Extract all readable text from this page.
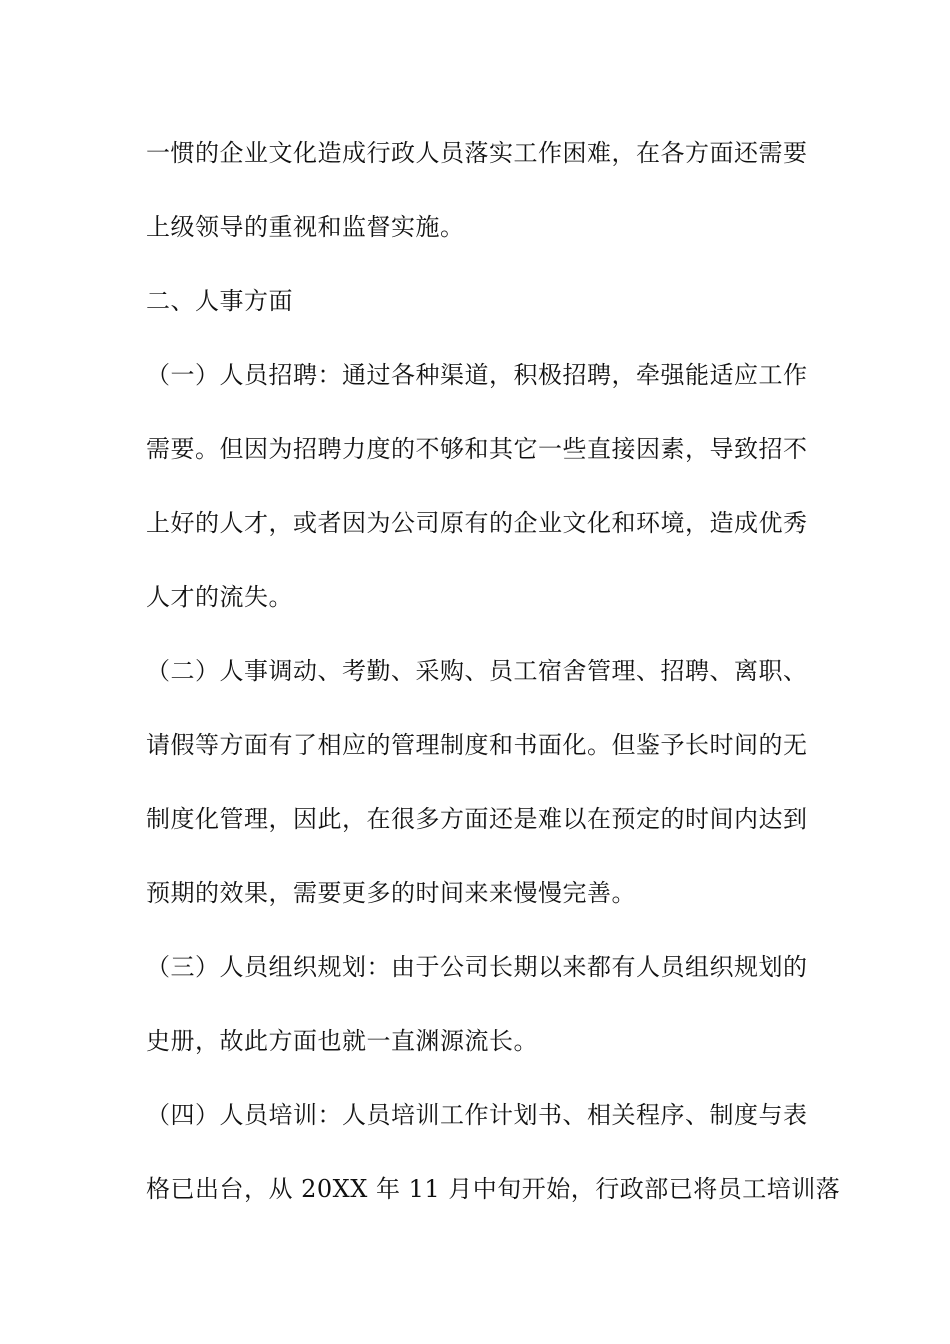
一惯的企业文化造成行政人员落实工作困难，在各方面还需要
上级领导的重视和监督实施。
二、人事方面
（一）人员招聘：通过各种渠道，积极招聘，牵强能适应工作
需要。但因为招聘力度的不够和其它一些直接因素，导致招不
上好的人才，或者因为公司原有的企业文化和环境，造成优秀
人才的流失。
（二）人事调动、考勤、采购、员工宿舍管理、招聘、离职、
请假等方面有了相应的管理制度和书面化。但鉴予长时间的无
制度化管理，因此，在很多方面还是难以在预定的时间内达到
预期的效果，需要更多的时间来来慢慢完善。
（三）人员组织规划：由于公司长期以来都有人员组织规划的
史册，故此方面也就一直渊源流长。
（四）人员培训：人员培训工作计划书、相关程序、制度与表
格已出台，从 20XX 年 11 月中旬开始，行政部已将员工培训落
